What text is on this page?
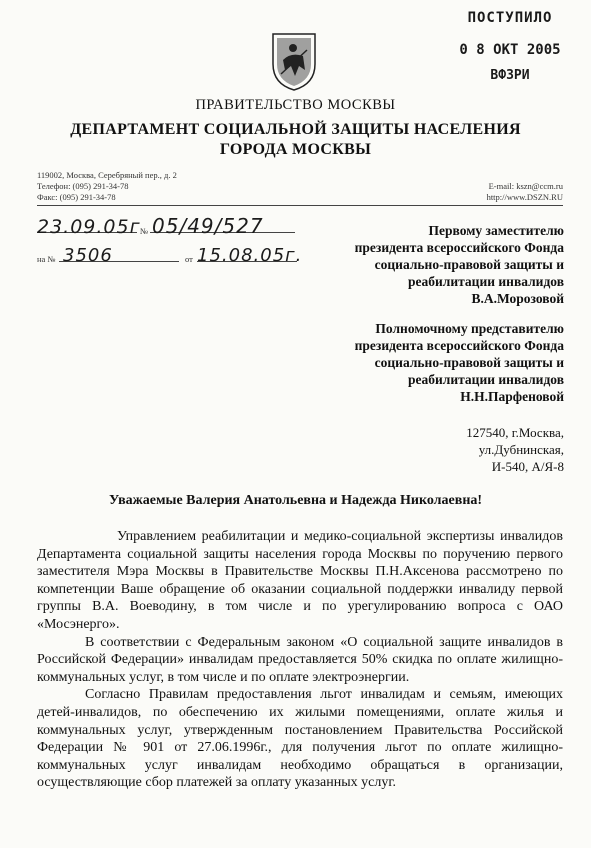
ПОСТУПИЛО
0 8 ОКТ 2005
ВФЗРИ
ПРАВИТЕЛЬСТВО МОСКВЫ
ДЕПАРТАМЕНТ СОЦИАЛЬНОЙ ЗАЩИТЫ НАСЕЛЕНИЯ
ГОРОДА МОСКВЫ
119002, Москва, Серебряный пер., д. 2
Телефон: (095) 291-34-78
Факс: (095) 291-34-78
E-mail: kszn@ccm.ru
http://www.DSZN.RU
23.09.05г № 05/49/527
на № 3506	от 15.08.05г.
Первому заместителю
президента всероссийского Фонда
социально-правовой защиты и
реабилитации инвалидов
В.А.Морозовой
Полномочному представителю
президента всероссийского Фонда
социально-правовой защиты и
реабилитации инвалидов
Н.Н.Парфеновой
127540, г.Москва,
ул.Дубнинская,
И-540, А/Я-8
Уважаемые Валерия Анатольевна и Надежда Николаевна!

Управлением реабилитации и медико-социальной экспертизы инвалидов Департамента социальной защиты населения города Москвы по поручению первого заместителя Мэра Москвы в Правительстве Москвы П.Н.Аксенова рассмотрено по компетенции Ваше обращение об оказании социальной поддержки инвалиду первой группы В.А. Воеводину, в том числе и по урегулированию вопроса с ОАО «Мосэнерго».

В соответствии с Федеральным законом «О социальной защите инвалидов в Российской Федерации» инвалидам предоставляется 50% скидка по оплате жилищно-коммунальных услуг, в том числе и по оплате электроэнергии.

Согласно Правилам предоставления льгот инвалидам и семьям, имеющих детей-инвалидов, по обеспечению их жилыми помещениями, оплате жилья и коммунальных услуг, утвержденным постановлением Правительства Российской Федерации № 901 от 27.06.1996г., для получения льгот по оплате жилищно-коммунальных услуг инвалидам необходимо обращаться в организации, осуществляющие сбор платежей за оплату указанных услуг.
